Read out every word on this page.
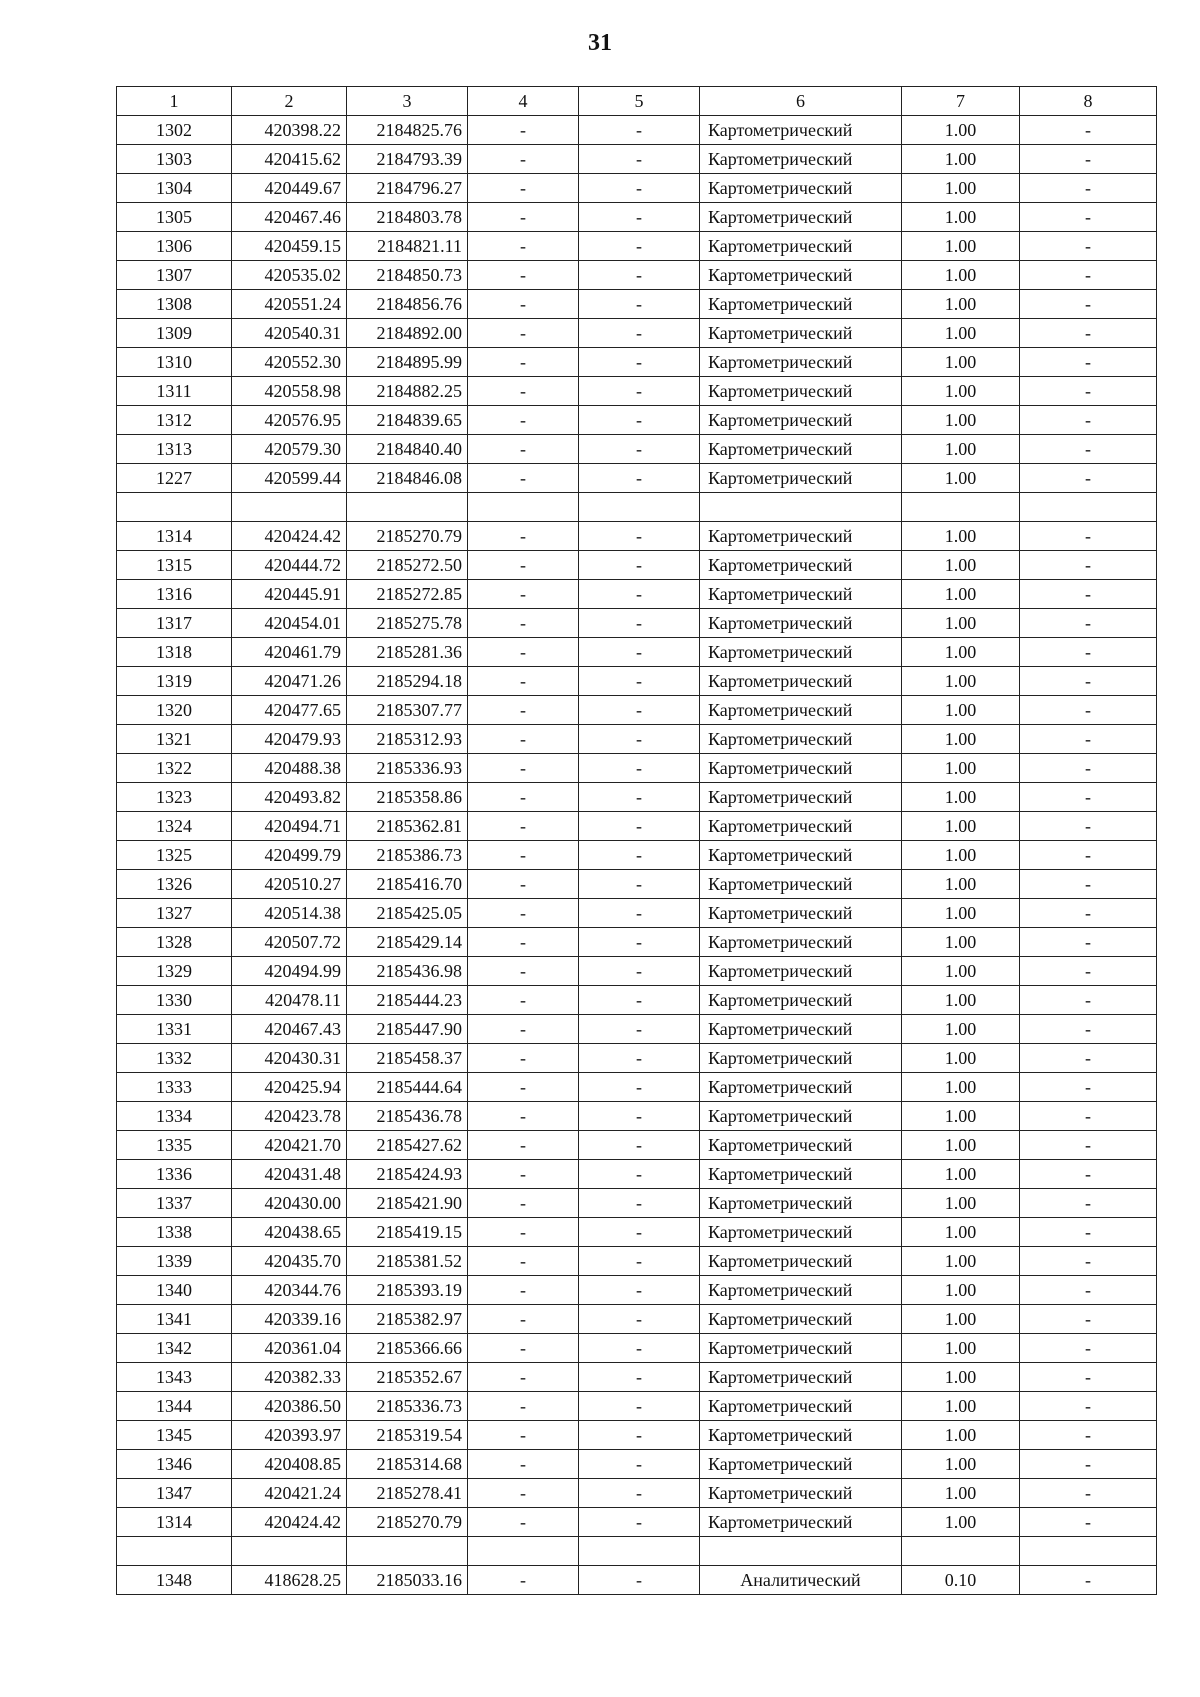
31
1	2	3	4	5	6	7	8
1302	420398.22	2184825.76	-	-	Картометрический	1.00	-
1303	420415.62	2184793.39	-	-	Картометрический	1.00	-
1304	420449.67	2184796.27	-	-	Картометрический	1.00	-
1305	420467.46	2184803.78	-	-	Картометрический	1.00	-
1306	420459.15	2184821.11	-	-	Картометрический	1.00	-
1307	420535.02	2184850.73	-	-	Картометрический	1.00	-
1308	420551.24	2184856.76	-	-	Картометрический	1.00	-
1309	420540.31	2184892.00	-	-	Картометрический	1.00	-
1310	420552.30	2184895.99	-	-	Картометрический	1.00	-
1311	420558.98	2184882.25	-	-	Картометрический	1.00	-
1312	420576.95	2184839.65	-	-	Картометрический	1.00	-
1313	420579.30	2184840.40	-	-	Картометрический	1.00	-
1227	420599.44	2184846.08	-	-	Картометрический	1.00	-

1314	420424.42	2185270.79	-	-	Картометрический	1.00	-
1315	420444.72	2185272.50	-	-	Картометрический	1.00	-
1316	420445.91	2185272.85	-	-	Картометрический	1.00	-
1317	420454.01	2185275.78	-	-	Картометрический	1.00	-
1318	420461.79	2185281.36	-	-	Картометрический	1.00	-
1319	420471.26	2185294.18	-	-	Картометрический	1.00	-
1320	420477.65	2185307.77	-	-	Картометрический	1.00	-
1321	420479.93	2185312.93	-	-	Картометрический	1.00	-
1322	420488.38	2185336.93	-	-	Картометрический	1.00	-
1323	420493.82	2185358.86	-	-	Картометрический	1.00	-
1324	420494.71	2185362.81	-	-	Картометрический	1.00	-
1325	420499.79	2185386.73	-	-	Картометрический	1.00	-
1326	420510.27	2185416.70	-	-	Картометрический	1.00	-
1327	420514.38	2185425.05	-	-	Картометрический	1.00	-
1328	420507.72	2185429.14	-	-	Картометрический	1.00	-
1329	420494.99	2185436.98	-	-	Картометрический	1.00	-
1330	420478.11	2185444.23	-	-	Картометрический	1.00	-
1331	420467.43	2185447.90	-	-	Картометрический	1.00	-
1332	420430.31	2185458.37	-	-	Картометрический	1.00	-
1333	420425.94	2185444.64	-	-	Картометрический	1.00	-
1334	420423.78	2185436.78	-	-	Картометрический	1.00	-
1335	420421.70	2185427.62	-	-	Картометрический	1.00	-
1336	420431.48	2185424.93	-	-	Картометрический	1.00	-
1337	420430.00	2185421.90	-	-	Картометрический	1.00	-
1338	420438.65	2185419.15	-	-	Картометрический	1.00	-
1339	420435.70	2185381.52	-	-	Картометрический	1.00	-
1340	420344.76	2185393.19	-	-	Картометрический	1.00	-
1341	420339.16	2185382.97	-	-	Картометрический	1.00	-
1342	420361.04	2185366.66	-	-	Картометрический	1.00	-
1343	420382.33	2185352.67	-	-	Картометрический	1.00	-
1344	420386.50	2185336.73	-	-	Картометрический	1.00	-
1345	420393.97	2185319.54	-	-	Картометрический	1.00	-
1346	420408.85	2185314.68	-	-	Картометрический	1.00	-
1347	420421.24	2185278.41	-	-	Картометрический	1.00	-
1314	420424.42	2185270.79	-	-	Картометрический	1.00	-

1348	418628.25	2185033.16	-	-	Аналитический	0.10	-
